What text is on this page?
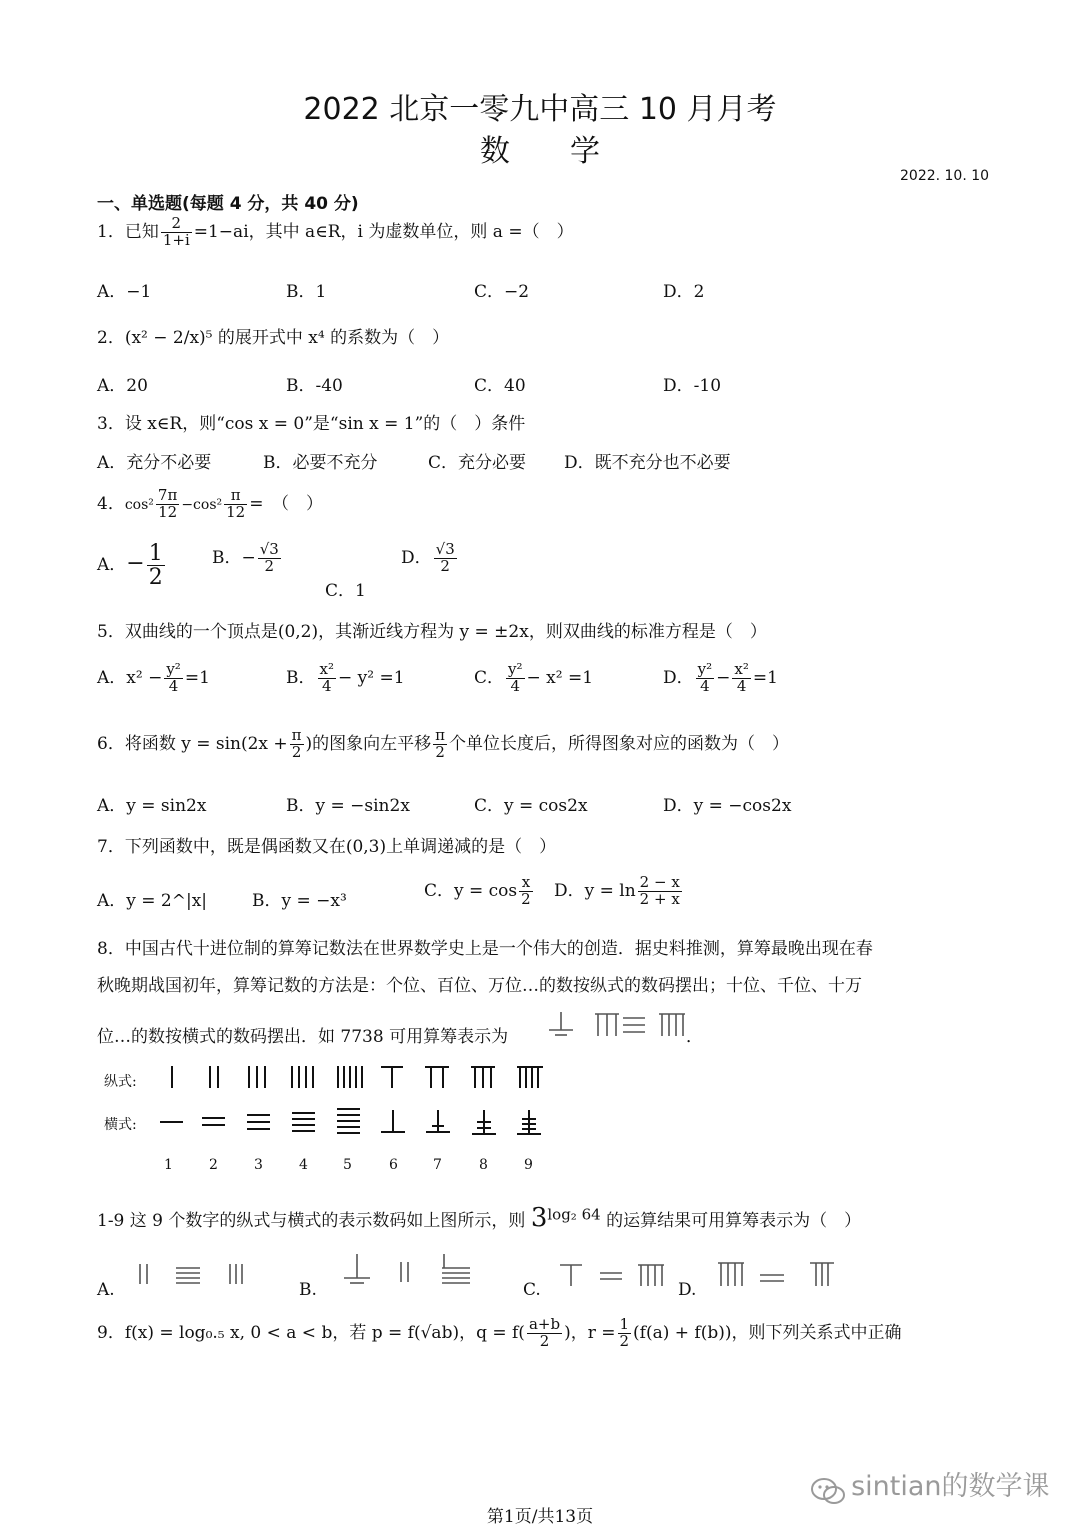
2022 北京一零九中高三 10 月月考
数　　学
2022. 10. 10
一、单选题(每题 4 分，共 40 分)
1．已知 $\frac{2}{1+i} =1-ai$，其中 a∈R，i 为虚数单位，则 a =（　）
A．−1	B．1	C．−2	D．2
2．(x² − 2/x)⁵ 的展开式中 x⁴ 的系数为（　）
A．20	B．-40	C．40	D．-10
3．设 x∈R，则“cos x = 0”是“sin x = 1”的（　）条件
A．充分不必要	B．必要不充分	C．充分必要 D．既不充分也不必要
4．$\cos^2 \frac{7\pi}{12} -\cos^2 \frac{\pi}{12}$ =　（　）
A．− $\frac{1}{2}$	B．− $\frac{√3}{2}$
C．1
D． $\frac{√3}{2}$
5．双曲线的一个顶点是(0,2)，其渐近线方程为 y = ±2x，则双曲线的标准方程是（　）
A．$x^2 - \frac{\text{y²}}{4} =1$	B． $\frac{\text{x²}}{4} - y^2 =1$	C． $\frac{\text{y²}}{4} - x^2 =1$	D． $\frac{\text{y²}}{4} - \frac{\text{x²}}{4} =1$
6．将函数 $y = \sin(2x + \frac{\pi}{2}$ )的图象向左平移 $\frac{\pi}{2}$ 个单位长度后，所得图象对应的函数为（　）
A．y = sin2x	B．y = −sin2x	C．y = cos2x	D．y = −cos2x
7．下列函数中，既是偶函数又在(0,3)上单调递减的是（　）
A．y = 2^|x|	B．y = −x³
C．$y = \cos \frac{x}{2}$ D．$y = \ln \frac{2 - x}{2 + x}$
8．中国古代十进位制的算筹记数法在世界数学史上是一个伟大的创造．据史料推测，算筹最晚出现在春
秋晚期战国初年，算筹记数的方法是：个位、百位、万位…的数按纵式的数码摆出；十位、千位、十万
位…的数按横式的数码摆出．如 7738 可用算筹表示为	．
纵式:
横式:
1	2	3	4	5	6	7	8	9
1-9 这 9 个数字的纵式与横式的表示数码如上图所示，则 $3^{log_2 64}$ 的运算结果可用算筹表示为（　）
A.	B.	C.	D.
9．f(x) = log₀.₅ x, 0 < a < b，若 p = f(√ab)，$q = f( \frac{a+b}{2}$ )，$r = \frac{1}{2} (f(a) + f(b))$，则下列关系式中正确
sintian的数学课
第1页/共13页
